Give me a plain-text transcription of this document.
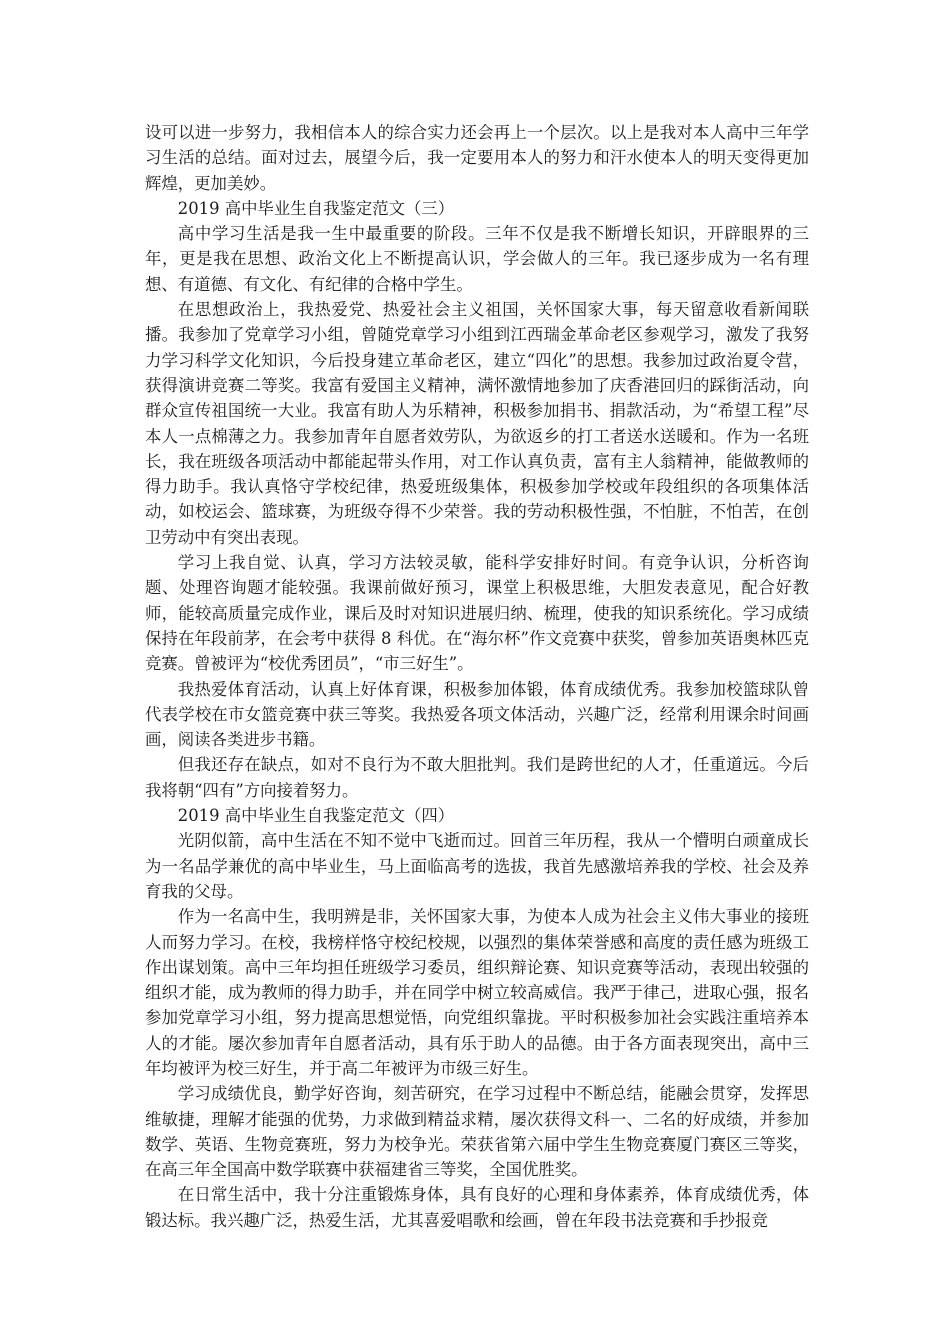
设可以进一步努力，我相信本人的综合实力还会再上一个层次。以上是我对本人高中三年学习生活的总结。面对过去，展望今后，我一定要用本人的努力和汗水使本人的明天变得更加辉煌，更加美妙。

2019 高中毕业生自我鉴定范文（三）

高中学习生活是我一生中最重要的阶段。三年不仅是我不断增长知识，开辟眼界的三年，更是我在思想、政治文化上不断提高认识，学会做人的三年。我已逐步成为一名有理想、有道德、有文化、有纪律的合格中学生。

在思想政治上，我热爱党、热爱社会主义祖国，关怀国家大事，每天留意收看新闻联播。我参加了党章学习小组，曾随党章学习小组到江西瑞金革命老区参观学习，激发了我努力学习科学文化知识，今后投身建立革命老区，建立“四化”的思想。我参加过政治夏令营，获得演讲竞赛二等奖。我富有爱国主义精神，满怀激情地参加了庆香港回归的踩街活动，向群众宣传祖国统一大业。我富有助人为乐精神，积极参加捐书、捐款活动，为“希望工程”尽本人一点棉薄之力。我参加青年自愿者效劳队，为欲返乡的打工者送水送暖和。作为一名班长，我在班级各项活动中都能起带头作用，对工作认真负责，富有主人翁精神，能做教师的得力助手。我认真恪守学校纪律，热爱班级集体，积极参加学校或年段组织的各项集体活动，如校运会、篮球赛，为班级夺得不少荣誉。我的劳动积极性强，不怕脏，不怕苦，在创卫劳动中有突出表现。

学习上我自觉、认真，学习方法较灵敏，能科学安排好时间。有竞争认识，分析咨询题、处理咨询题才能较强。我课前做好预习，课堂上积极思维，大胆发表意见，配合好教师，能较高质量完成作业，课后及时对知识进展归纳、梳理，使我的知识系统化。学习成绩保持在年段前茅，在会考中获得 8 科优。在“海尔杯”作文竞赛中获奖，曾参加英语奥林匹克竞赛。曾被评为“校优秀团员”，“市三好生”。

我热爱体育活动，认真上好体育课，积极参加体锻，体育成绩优秀。我参加校篮球队曾代表学校在市女篮竞赛中获三等奖。我热爱各项文体活动，兴趣广泛，经常利用课余时间画画，阅读各类进步书籍。

但我还存在缺点，如对不良行为不敢大胆批判。我们是跨世纪的人才，任重道远。今后我将朝“四有”方向接着努力。

2019 高中毕业生自我鉴定范文（四）

光阴似箭，高中生活在不知不觉中飞逝而过。回首三年历程，我从一个懵明白顽童成长为一名品学兼优的高中毕业生，马上面临高考的选拔，我首先感激培养我的学校、社会及养育我的父母。

作为一名高中生，我明辨是非，关怀国家大事，为使本人成为社会主义伟大事业的接班人而努力学习。在校，我榜样恪守校纪校规，以强烈的集体荣誉感和高度的责任感为班级工作出谋划策。高中三年均担任班级学习委员，组织辩论赛、知识竞赛等活动，表现出较强的组织才能，成为教师的得力助手，并在同学中树立较高威信。我严于律己，进取心强，报名参加党章学习小组，努力提高思想觉悟，向党组织靠拢。平时积极参加社会实践注重培养本人的才能。屡次参加青年自愿者活动，具有乐于助人的品德。由于各方面表现突出，高中三年均被评为校三好生，并于高二年被评为市级三好生。

学习成绩优良，勤学好咨询，刻苦研究，在学习过程中不断总结，能融会贯穿，发挥思维敏捷，理解才能强的优势，力求做到精益求精，屡次获得文科一、二名的好成绩，并参加数学、英语、生物竞赛班，努力为校争光。荣获省第六届中学生生物竞赛厦门赛区三等奖，在高三年全国高中数学联赛中获福建省三等奖，全国优胜奖。

在日常生活中，我十分注重锻炼身体，具有良好的心理和身体素养，体育成绩优秀，体锻达标。我兴趣广泛，热爱生活，尤其喜爱唱歌和绘画，曾在年段书法竞赛和手抄报竞
